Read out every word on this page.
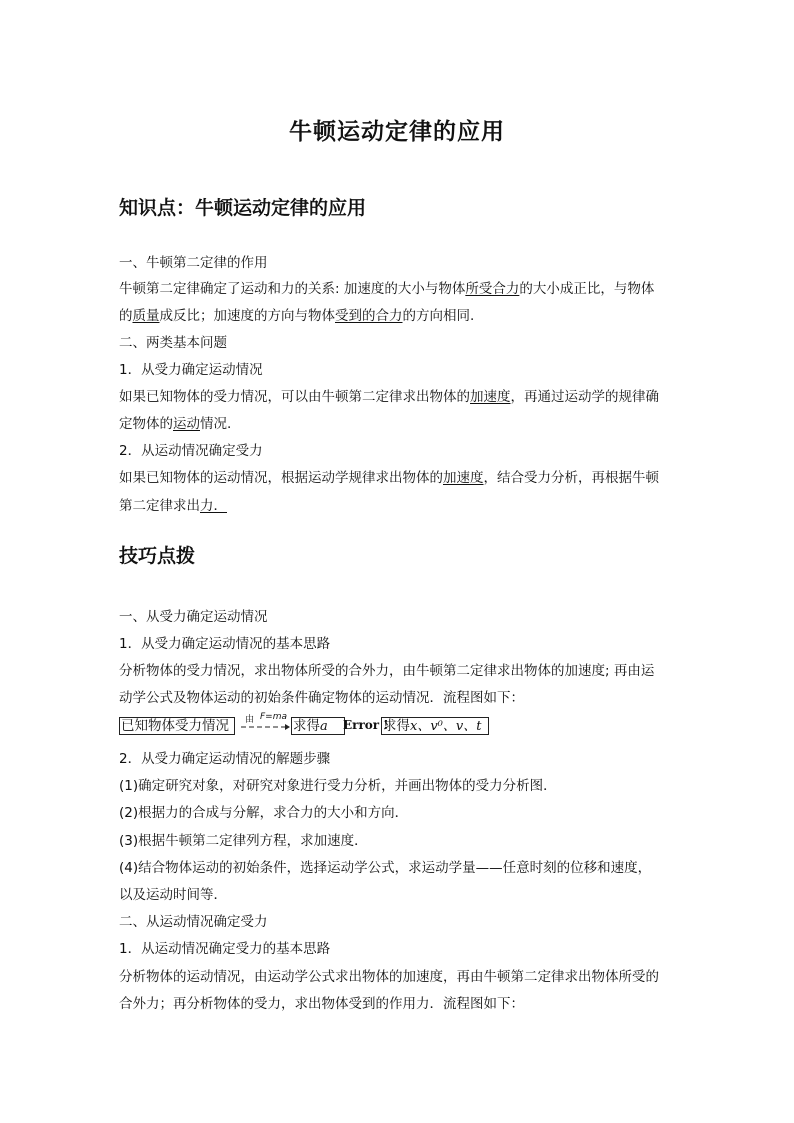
牛顿运动定律的应用
知识点：牛顿运动定律的应用
一、牛顿第二定律的作用
牛顿第二定律确定了运动和力的关系: 加速度的大小与物体所受合力的大小成正比，与物体
的质量成反比；加速度的方向与物体受到的合力的方向相同.
二、两类基本问题
1．从受力确定运动情况
如果已知物体的受力情况，可以由牛顿第二定律求出物体的加速度，再通过运动学的规律确
定物体的运动情况.
2．从运动情况确定受力
如果已知物体的运动情况，根据运动学规律求出物体的加速度，结合受力分析，再根据牛顿
第二定律求出力．
技巧点拨
一、从受力确定运动情况
1．从受力确定运动情况的基本思路
分析物体的受力情况，求出物体所受的合外力，由牛顿第二定律求出物体的加速度; 再由运
动学公式及物体运动的初始条件确定物体的运动情况．流程图如下：
已知物体受力情况	由 F=ma
求得a	Error !
求得x、v⁰、v、t
2．从受力确定运动情况的解题步骤
(1)确定研究对象，对研究对象进行受力分析，并画出物体的受力分析图．
(2)根据力的合成与分解，求合力的大小和方向．
(3)根据牛顿第二定律列方程，求加速度．
(4)结合物体运动的初始条件，选择运动学公式，求运动学量——任意时刻的位移和速度，
以及运动时间等．
二、从运动情况确定受力
1．从运动情况确定受力的基本思路
分析物体的运动情况，由运动学公式求出物体的加速度，再由牛顿第二定律求出物体所受的
合外力；再分析物体的受力，求出物体受到的作用力．流程图如下：
